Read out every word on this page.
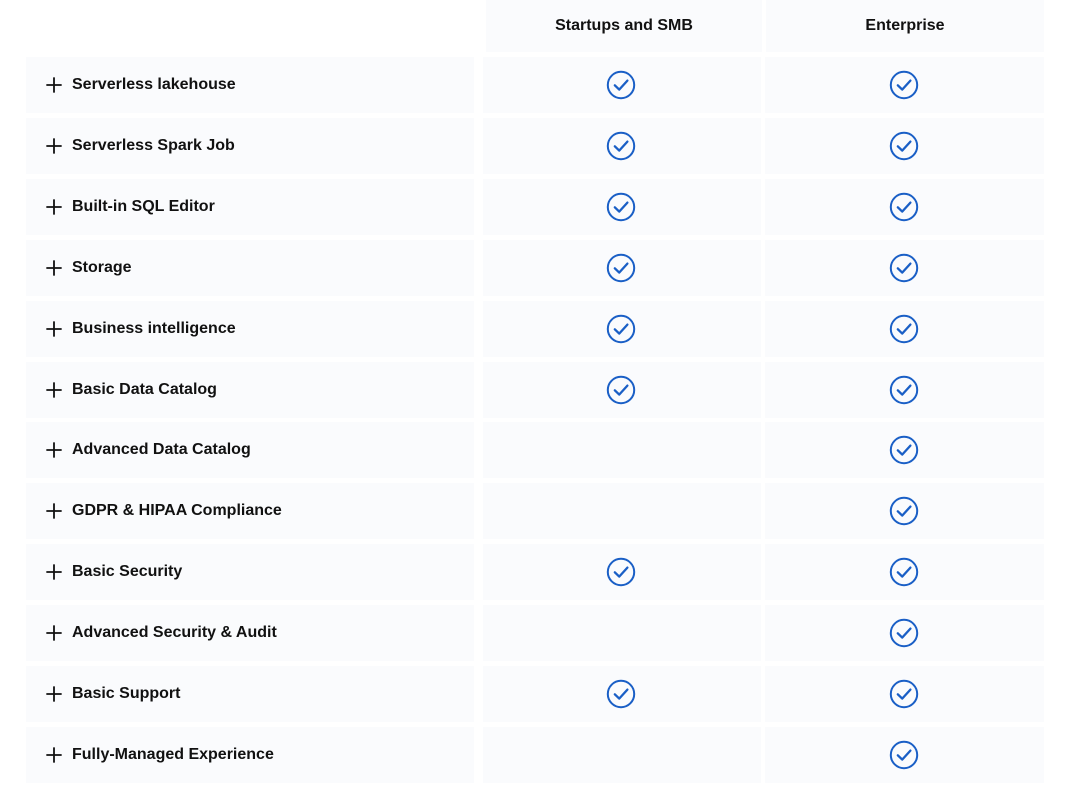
Startups and SMB	Enterprise
Serverless lakehouse
Serverless Spark Job
Built-in SQL Editor
Storage
Business intelligence
Basic Data Catalog
Advanced Data Catalog
GDPR & HIPAA Compliance
Basic Security
Advanced Security & Audit
Basic Support
Fully-Managed Experience
